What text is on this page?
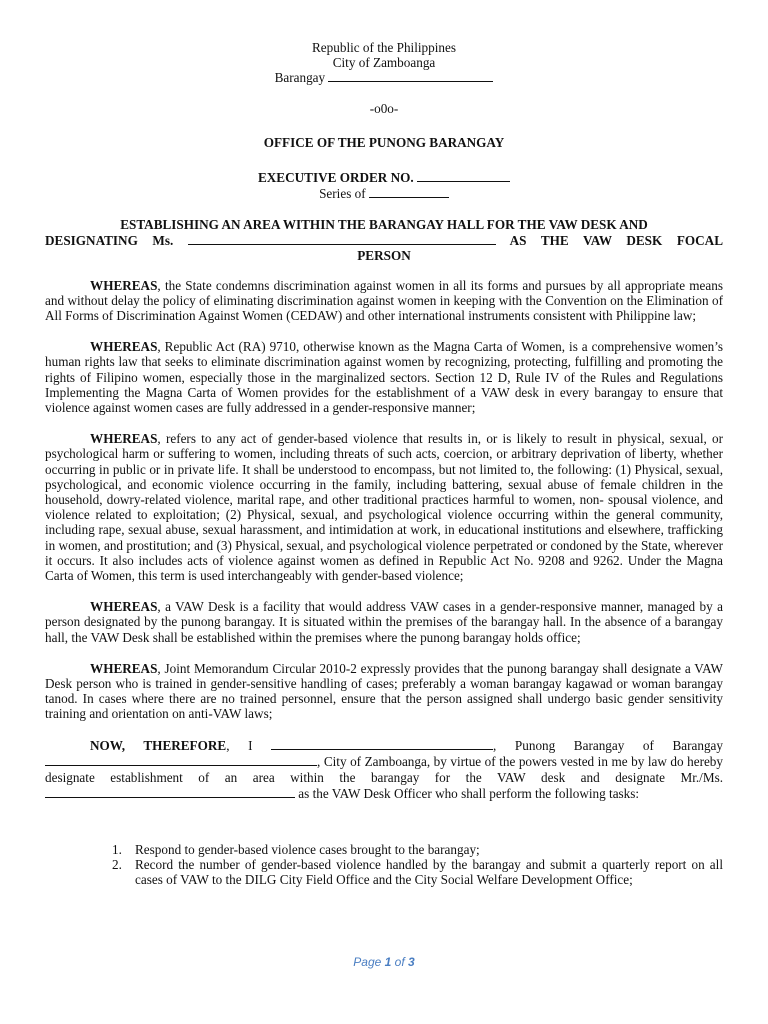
Republic of the Philippines
City of Zamboanga
Barangay
-o0o-
OFFICE OF THE PUNONG BARANGAY
EXECUTIVE ORDER NO.
Series of
ESTABLISHING AN AREA WITHIN THE BARANGAY HALL FOR THE VAW DESK AND
DESIGNATING Ms.	AS THE VAW DESK FOCAL
PERSON

WHEREAS, the State condemns discrimination against women in all its forms and pursues by all appropriate means and without delay the policy of eliminating discrimination against women in keeping with the Convention on the Elimination of All Forms of Discrimination Against Women (CEDAW) and other international instruments consistent with Philippine law;

WHEREAS, Republic Act (RA) 9710, otherwise known as the Magna Carta of Women, is a comprehensive women’s human rights law that seeks to eliminate discrimination against women by recognizing, protecting, fulfilling and promoting the rights of Filipino women, especially those in the marginalized sectors. Section 12 D, Rule IV of the Rules and Regulations Implementing the Magna Carta of Women provides for the establishment of a VAW desk in every barangay to ensure that violence against women cases are fully addressed in a gender-responsive manner;

WHEREAS, refers to any act of gender-based violence that results in, or is likely to result in physical, sexual, or psychological harm or suffering to women, including threats of such acts, coercion, or arbitrary deprivation of liberty, whether occurring in public or in private life. It shall be understood to encompass, but not limited to, the following: (1) Physical, sexual, psychological, and economic violence occurring in the family, including battering, sexual abuse of female children in the household, dowry-related violence, marital rape, and other traditional practices harmful to women, non- spousal violence, and violence related to exploitation; (2) Physical, sexual, and psychological violence occurring within the general community, including rape, sexual abuse, sexual harassment, and intimidation at work, in educational institutions and elsewhere, trafficking in women, and prostitution; and (3) Physical, sexual, and psychological violence perpetrated or condoned by the State, wherever it occurs. It also includes acts of violence against women as defined in Republic Act No. 9208 and 9262. Under the Magna Carta of Women, this term is used interchangeably with gender-based violence;

WHEREAS, a VAW Desk is a facility that would address VAW cases in a gender-responsive manner, managed by a person designated by the punong barangay. It is situated within the premises of the barangay hall. In the absence of a barangay hall, the VAW Desk shall be established within the premises where the punong barangay holds office;

WHEREAS, Joint Memorandum Circular 2010-2 expressly provides that the punong barangay shall designate a VAW Desk person who is trained in gender-sensitive handling of cases; preferably a woman barangay kagawad or woman barangay tanod. In cases where there are no trained personnel, ensure that the person assigned shall undergo basic gender sensitivity training and orientation on anti-VAW laws;

NOW, THEREFORE, I	, Punong Barangay of Barangay , City of Zamboanga, by virtue of the powers vested in me by law do hereby designate establishment of an area within the barangay for the VAW desk and designate Mr./Ms.  as the VAW Desk Officer who shall perform the following tasks:

1. Respond to gender-based violence cases brought to the barangay;
2. Record the number of gender-based violence handled by the barangay and submit a quarterly report on all cases of VAW to the DILG City Field Office and the City Social Welfare Development Office;
Page 1 of 3
